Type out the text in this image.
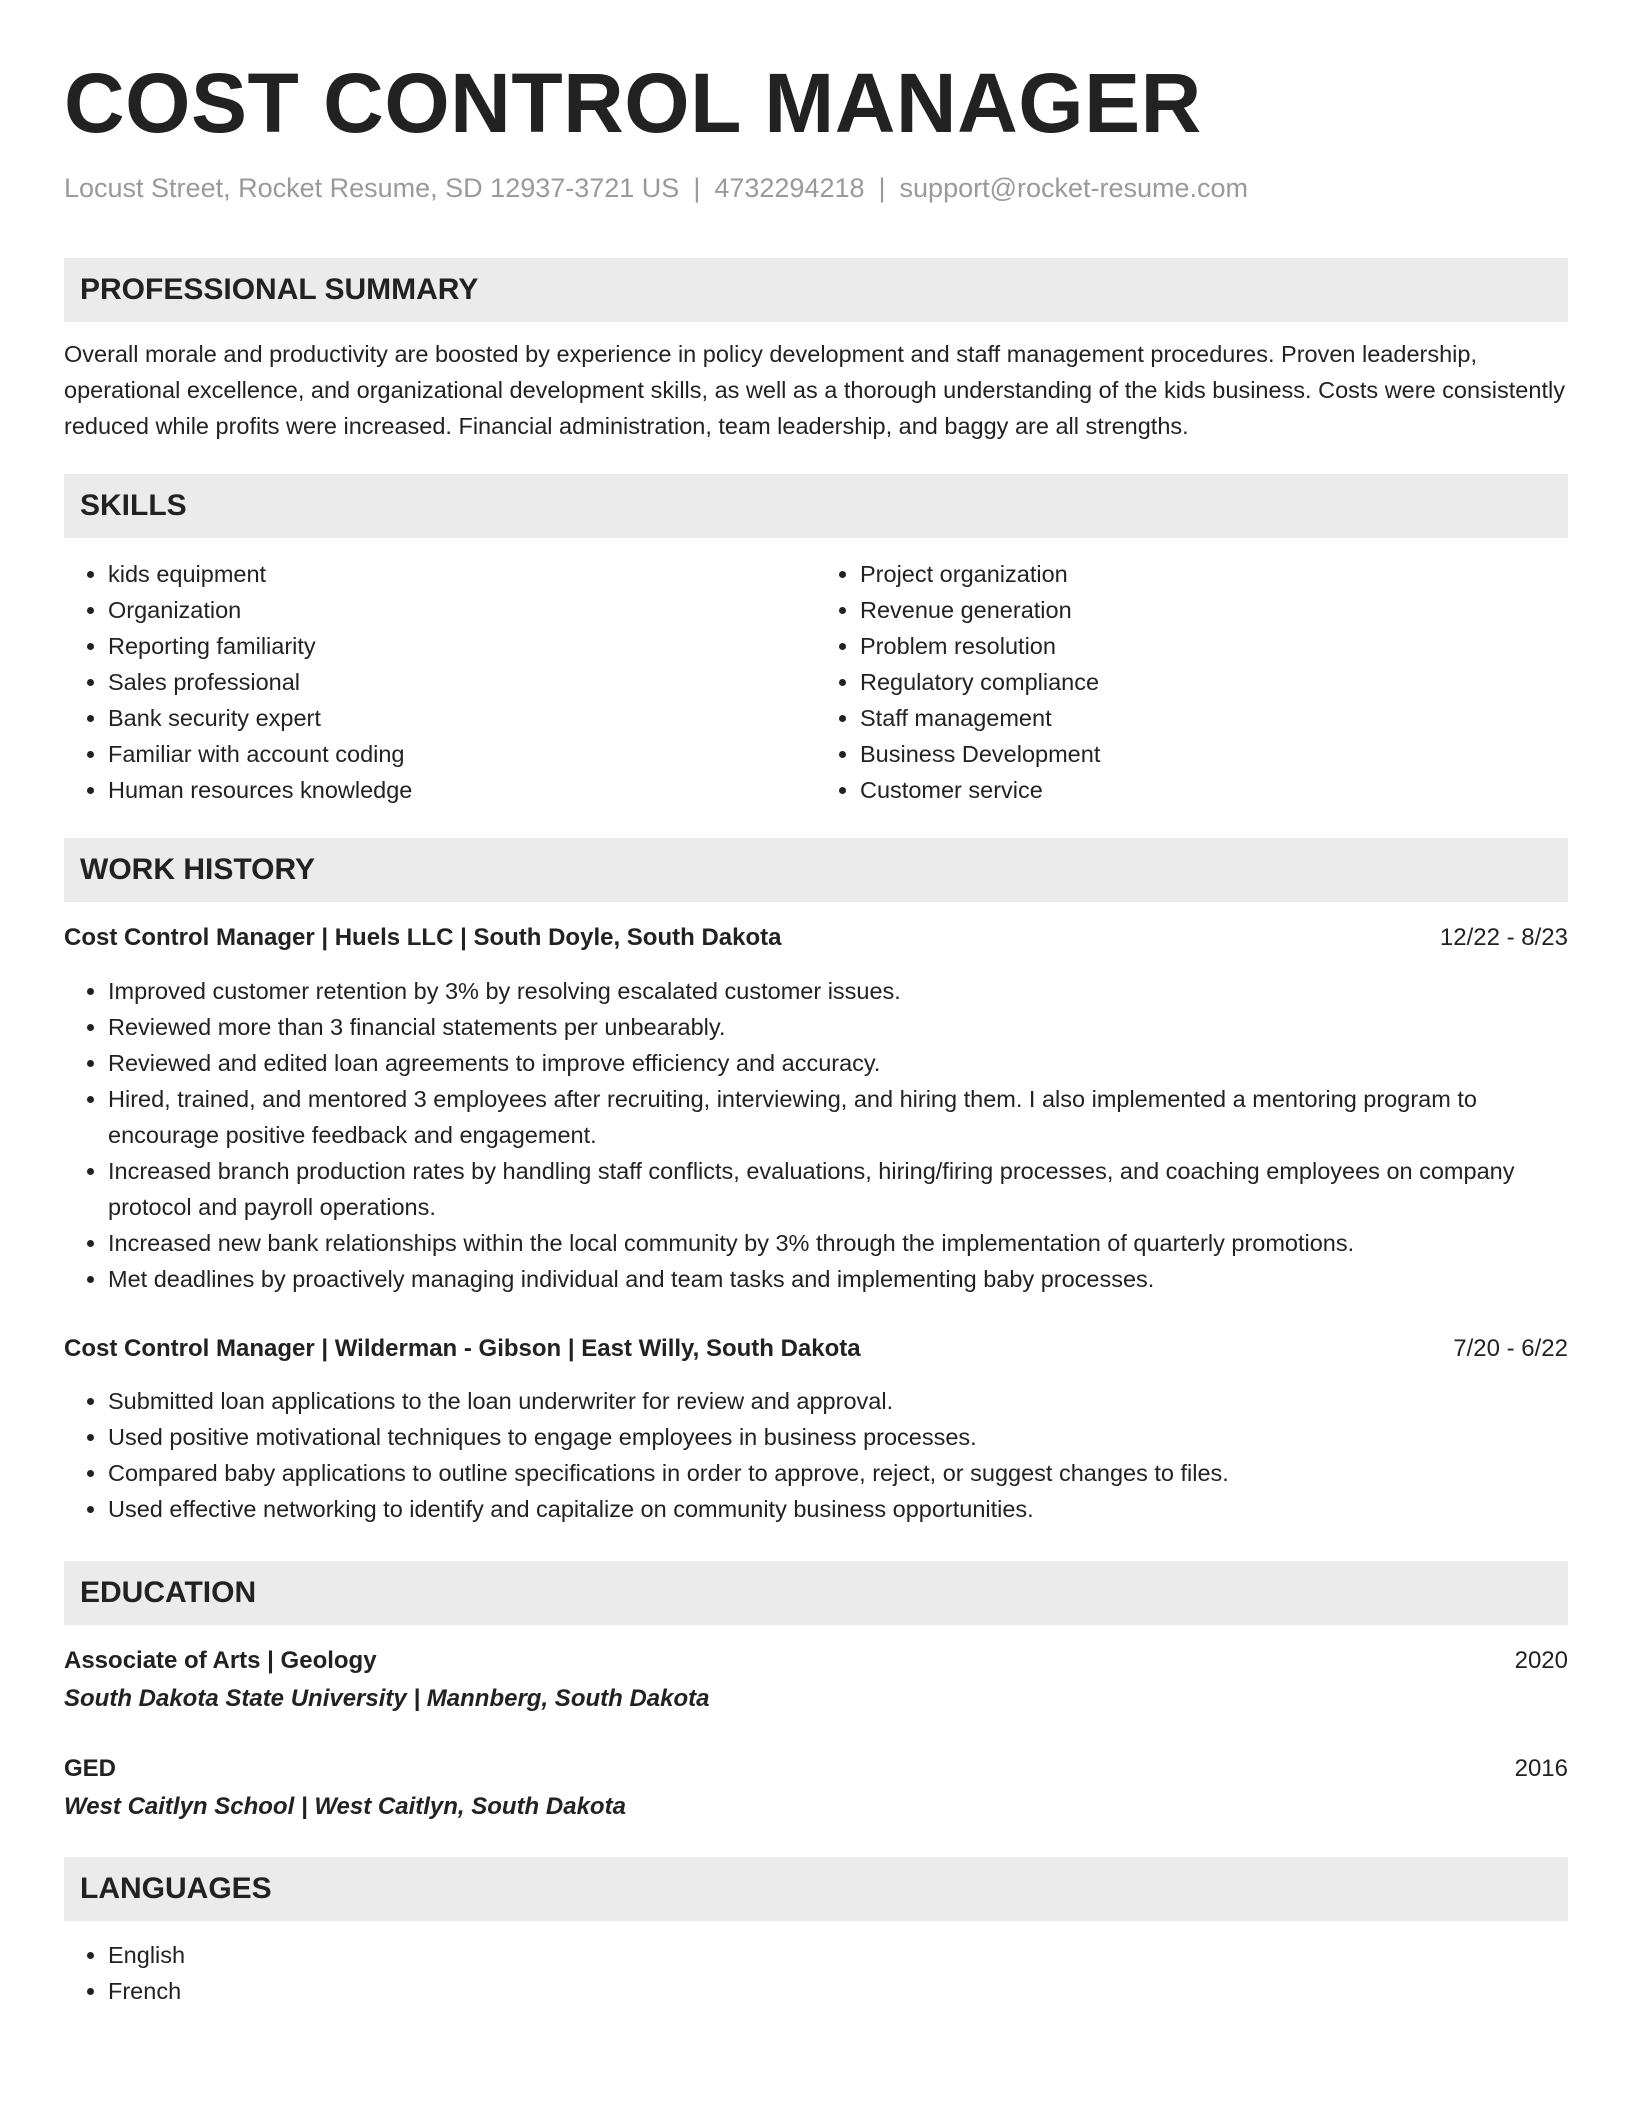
COST CONTROL MANAGER
Locust Street, Rocket Resume, SD 12937-3721 US | 4732294218 | support@rocket-resume.com
PROFESSIONAL SUMMARY

Overall morale and productivity are boosted by experience in policy development and staff management procedures. Proven leadership, operational excellence, and organizational development skills, as well as a thorough understanding of the kids business. Costs were consistently reduced while profits were increased. Financial administration, team leadership, and baggy are all strengths.

SKILLS
• kids equipment
• Organization
• Reporting familiarity
• Sales professional
• Bank security expert
• Familiar with account coding
• Human resources knowledge
• Project organization
• Revenue generation
• Problem resolution
• Regulatory compliance
• Staff management
• Business Development
• Customer service
WORK HISTORY
Cost Control Manager | Huels LLC | South Doyle, South Dakota	12/22 - 8/23
• Improved customer retention by 3% by resolving escalated customer issues.
• Reviewed more than 3 financial statements per unbearably.
• Reviewed and edited loan agreements to improve efficiency and accuracy.
• Hired, trained, and mentored 3 employees after recruiting, interviewing, and hiring them. I also implemented a mentoring program to encourage positive feedback and engagement.
• Increased branch production rates by handling staff conflicts, evaluations, hiring/firing processes, and coaching employees on company protocol and payroll operations.
• Increased new bank relationships within the local community by 3% through the implementation of quarterly promotions.
• Met deadlines by proactively managing individual and team tasks and implementing baby processes.
Cost Control Manager | Wilderman - Gibson | East Willy, South Dakota	7/20 - 6/22
• Submitted loan applications to the loan underwriter for review and approval.
• Used positive motivational techniques to engage employees in business processes.
• Compared baby applications to outline specifications in order to approve, reject, or suggest changes to files.
• Used effective networking to identify and capitalize on community business opportunities.
EDUCATION
Associate of Arts | Geology	2020
South Dakota State University | Mannberg, South Dakota
GED	2016
West Caitlyn School | West Caitlyn, South Dakota
LANGUAGES
• English
• French
